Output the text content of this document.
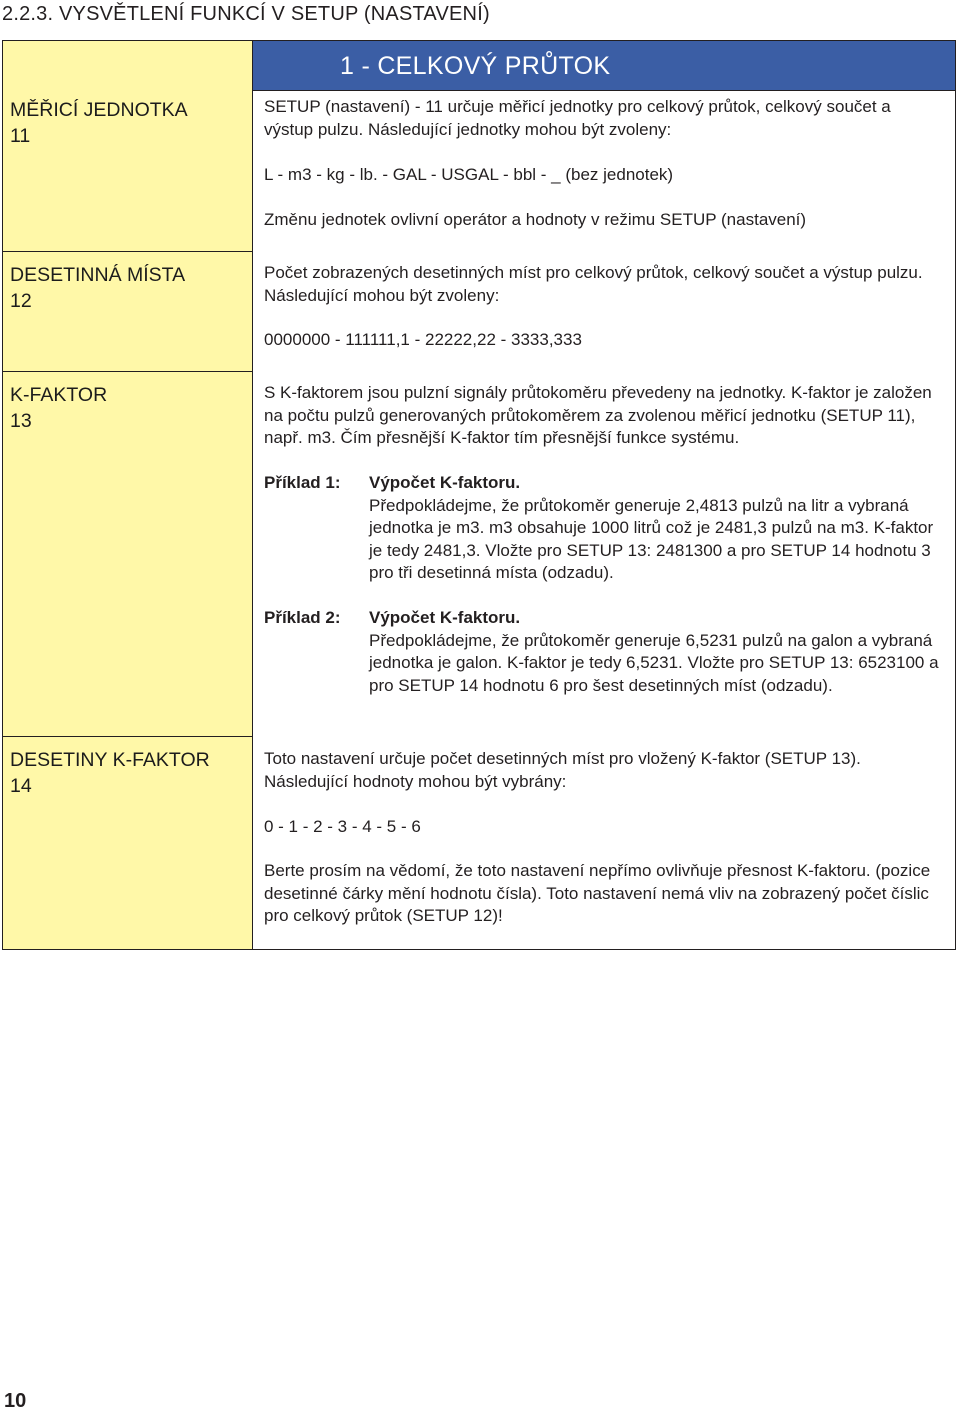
2.2.3. VYSVĚTLENÍ FUNKCÍ V SETUP (NASTAVENÍ)
MĚŘICÍ JEDNOTKA
11
DESETINNÁ MÍSTA
12
K-FAKTOR
13
DESETINY K-FAKTOR
14
1 - CELKOVÝ PRŮTOK
SETUP (nastavení) - 11 určuje měřicí jednotky pro celkový průtok, celkový součet a výstup pulzu. Následující jednotky mohou být zvoleny:
L - m3 - kg - lb. - GAL - USGAL - bbl - _ (bez jednotek)
Změnu jednotek ovlivní operátor a hodnoty v režimu SETUP (nastavení)
Počet zobrazených desetinných míst pro celkový průtok, celkový součet a výstup pulzu. Následující mohou být zvoleny:
0000000 - 111111,1 - 22222,22 - 3333,333
S K-faktorem jsou pulzní signály průtokoměru převedeny na jednotky. K-faktor je založen na počtu pulzů generovaných průtokoměrem za zvolenou měřicí jednotku (SETUP 11), např. m3. Čím přesnější K-faktor tím přesnější funkce systému.
Příklad 1: Výpočet K-faktoru.
Předpokládejme, že průtokoměr generuje 2,4813 pulzů na litr a vybraná jednotka je m3. m3 obsahuje 1000 litrů což je 2481,3 pulzů na m3. K-faktor je tedy 2481,3. Vložte pro SETUP 13: 2481300 a pro SETUP 14 hodnotu 3 pro tři desetinná místa (odzadu).
Příklad 2: Výpočet K-faktoru.
Předpokládejme, že průtokoměr generuje 6,5231 pulzů na galon a vybraná jednotka je galon. K-faktor je tedy 6,5231. Vložte pro SETUP 13: 6523100 a pro SETUP 14 hodnotu 6 pro šest desetinných míst (odzadu).
Toto nastavení určuje počet desetinných míst pro vložený K-faktor (SETUP 13). Následující hodnoty mohou být vybrány:
0 - 1 - 2 - 3 - 4 - 5 - 6
Berte prosím na vědomí, že toto nastavení nepřímo ovlivňuje přesnost K-faktoru. (pozice desetinné čárky mění hodnotu čísla). Toto nastavení nemá vliv na zobrazený počet číslic pro celkový průtok (SETUP 12)!
10
